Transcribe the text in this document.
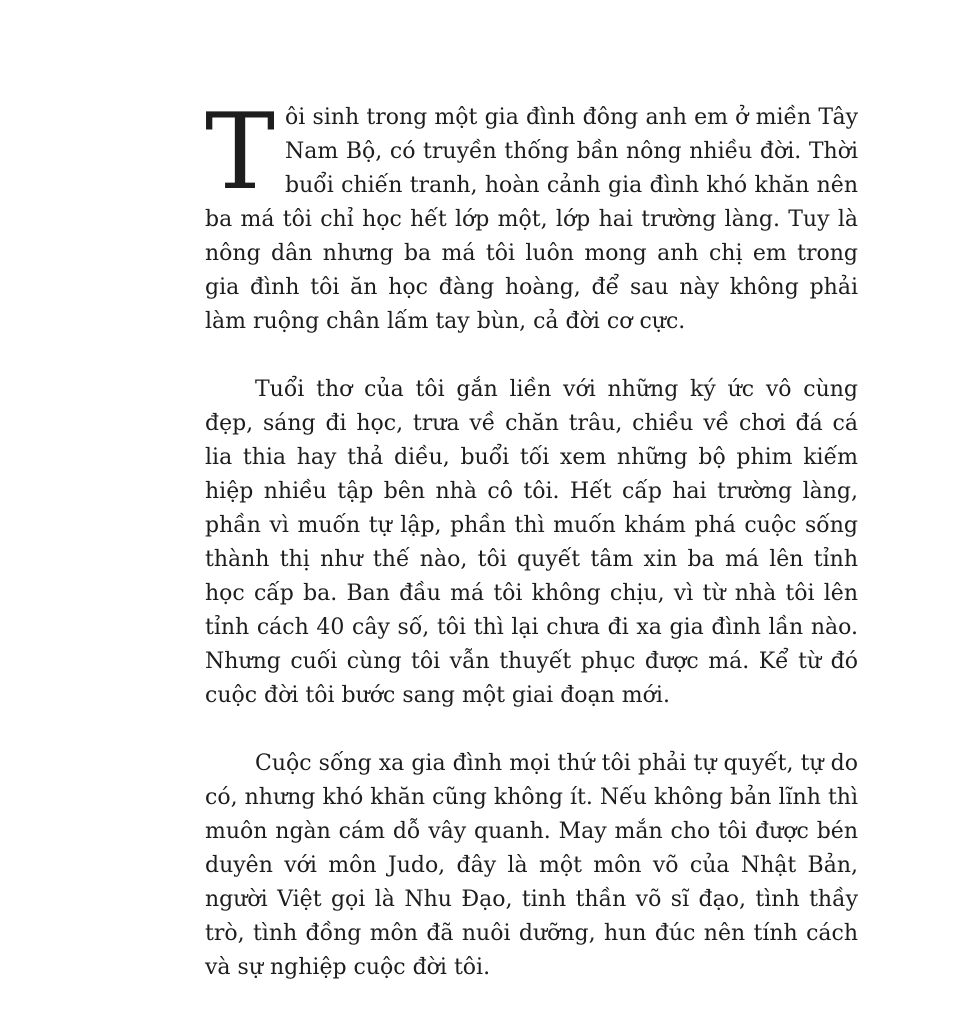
Tôi sinh trong một gia đình đông anh em ở miền Tây Nam Bộ, có truyền thống bần nông nhiều đời. Thời buổi chiến tranh, hoàn cảnh gia đình khó khăn nên ba má tôi chỉ học hết lớp một, lớp hai trường làng. Tuy là nông dân nhưng ba má tôi luôn mong anh chị em trong gia đình tôi ăn học đàng hoàng, để sau này không phải làm ruộng chân lấm tay bùn, cả đời cơ cực.

Tuổi thơ của tôi gắn liền với những ký ức vô cùng đẹp, sáng đi học, trưa về chăn trâu, chiều về chơi đá cá lia thia hay thả diều, buổi tối xem những bộ phim kiếm hiệp nhiều tập bên nhà cô tôi. Hết cấp hai trường làng, phần vì muốn tự lập, phần thì muốn khám phá cuộc sống thành thị như thế nào, tôi quyết tâm xin ba má lên tỉnh học cấp ba. Ban đầu má tôi không chịu, vì từ nhà tôi lên tỉnh cách 40 cây số, tôi thì lại chưa đi xa gia đình lần nào. Nhưng cuối cùng tôi vẫn thuyết phục được má. Kể từ đó cuộc đời tôi bước sang một giai đoạn mới.

Cuộc sống xa gia đình mọi thứ tôi phải tự quyết, tự do có, nhưng khó khăn cũng không ít. Nếu không bản lĩnh thì muôn ngàn cám dỗ vây quanh. May mắn cho tôi được bén duyên với môn Judo, đây là một môn võ của Nhật Bản, người Việt gọi là Nhu Đạo, tinh thần võ sĩ đạo, tình thầy trò, tình đồng môn đã nuôi dưỡng, hun đúc nên tính cách và sự nghiệp cuộc đời tôi.
